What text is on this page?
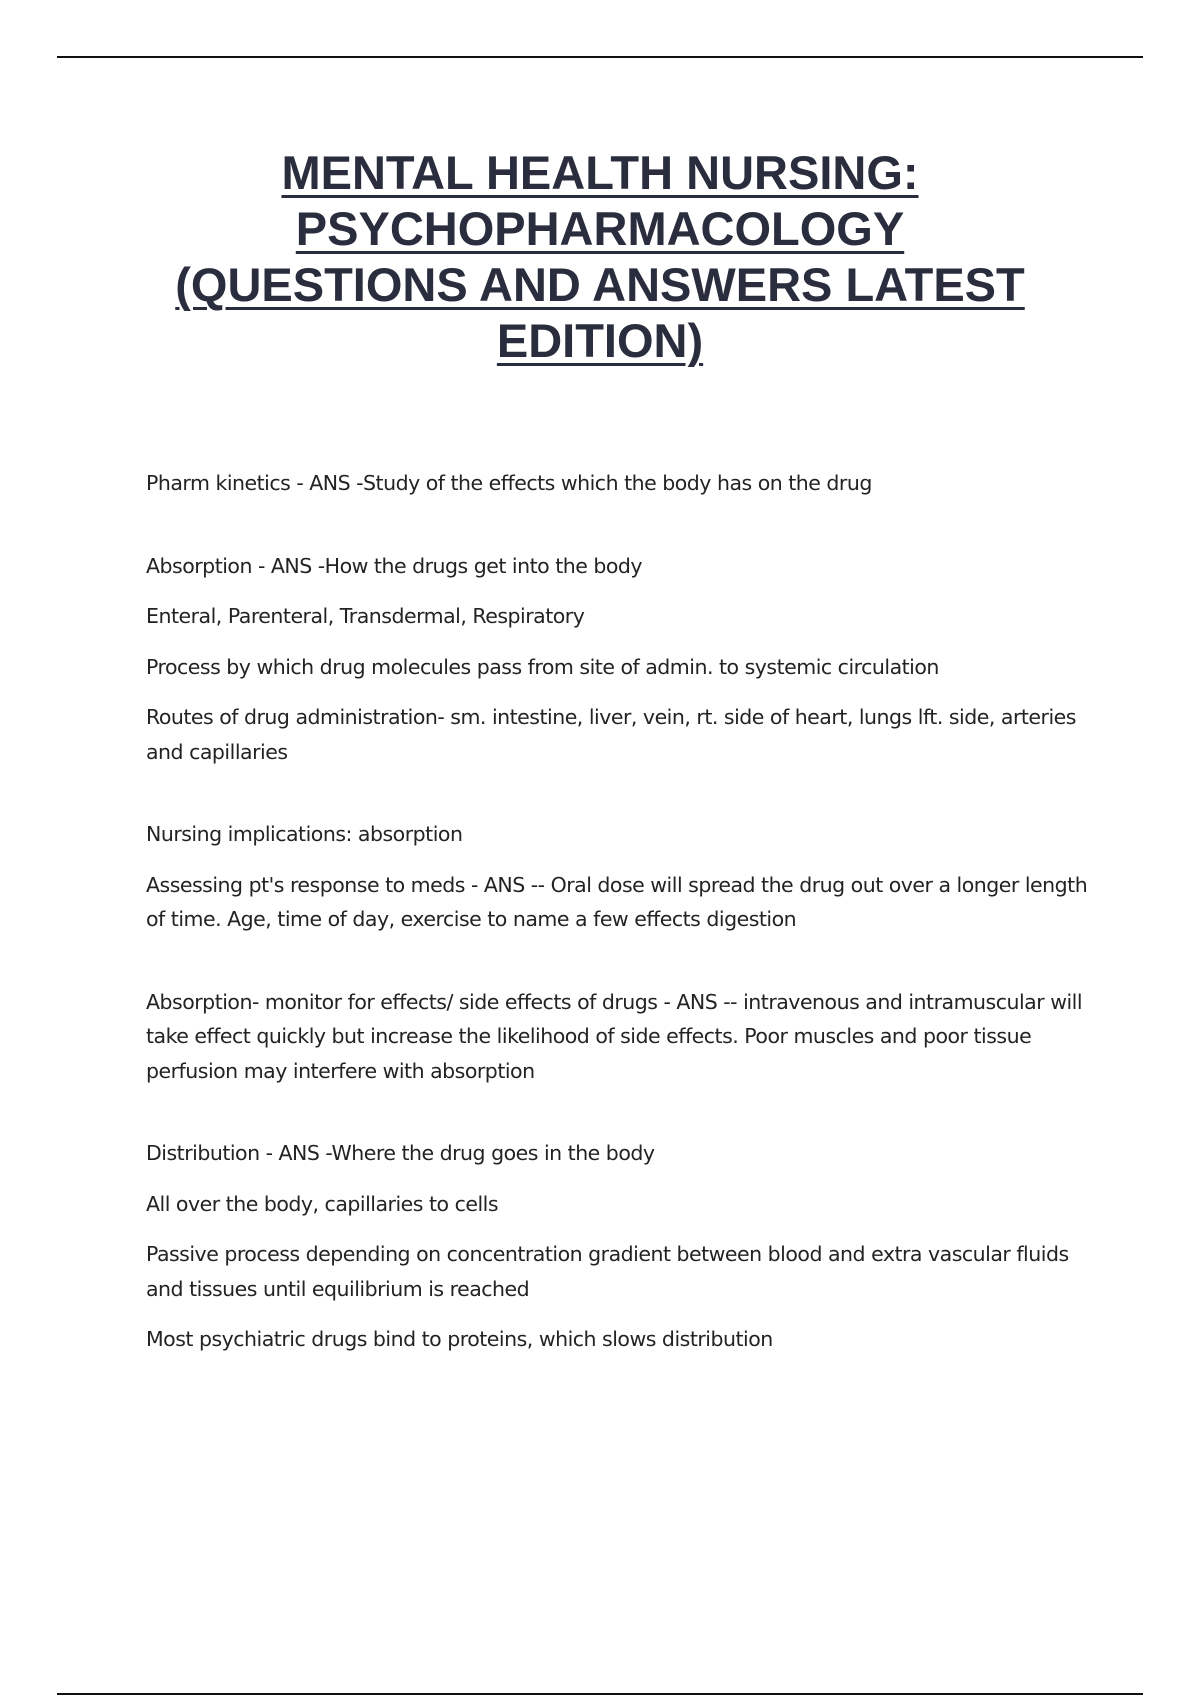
MENTAL HEALTH NURSING:
PSYCHOPHARMACOLOGY
(QUESTIONS AND ANSWERS LATEST
EDITION)

Pharm kinetics - ANS -Study of the effects which the body has on the drug

Absorption - ANS -How the drugs get into the body

Enteral, Parenteral, Transdermal, Respiratory

Process by which drug molecules pass from site of admin. to systemic circulation

Routes of drug administration- sm. intestine, liver, vein, rt. side of heart, lungs lft. side, arteries and capillaries

Nursing implications: absorption

Assessing pt's response to meds - ANS -- Oral dose will spread the drug out over a longer length of time. Age, time of day, exercise to name a few effects digestion

Absorption- monitor for effects/ side effects of drugs - ANS -- intravenous and intramuscular will take effect quickly but increase the likelihood of side effects. Poor muscles and poor tissue perfusion may interfere with absorption

Distribution - ANS -Where the drug goes in the body

All over the body, capillaries to cells

Passive process depending on concentration gradient between blood and extra vascular fluids and tissues until equilibrium is reached

Most psychiatric drugs bind to proteins, which slows distribution
